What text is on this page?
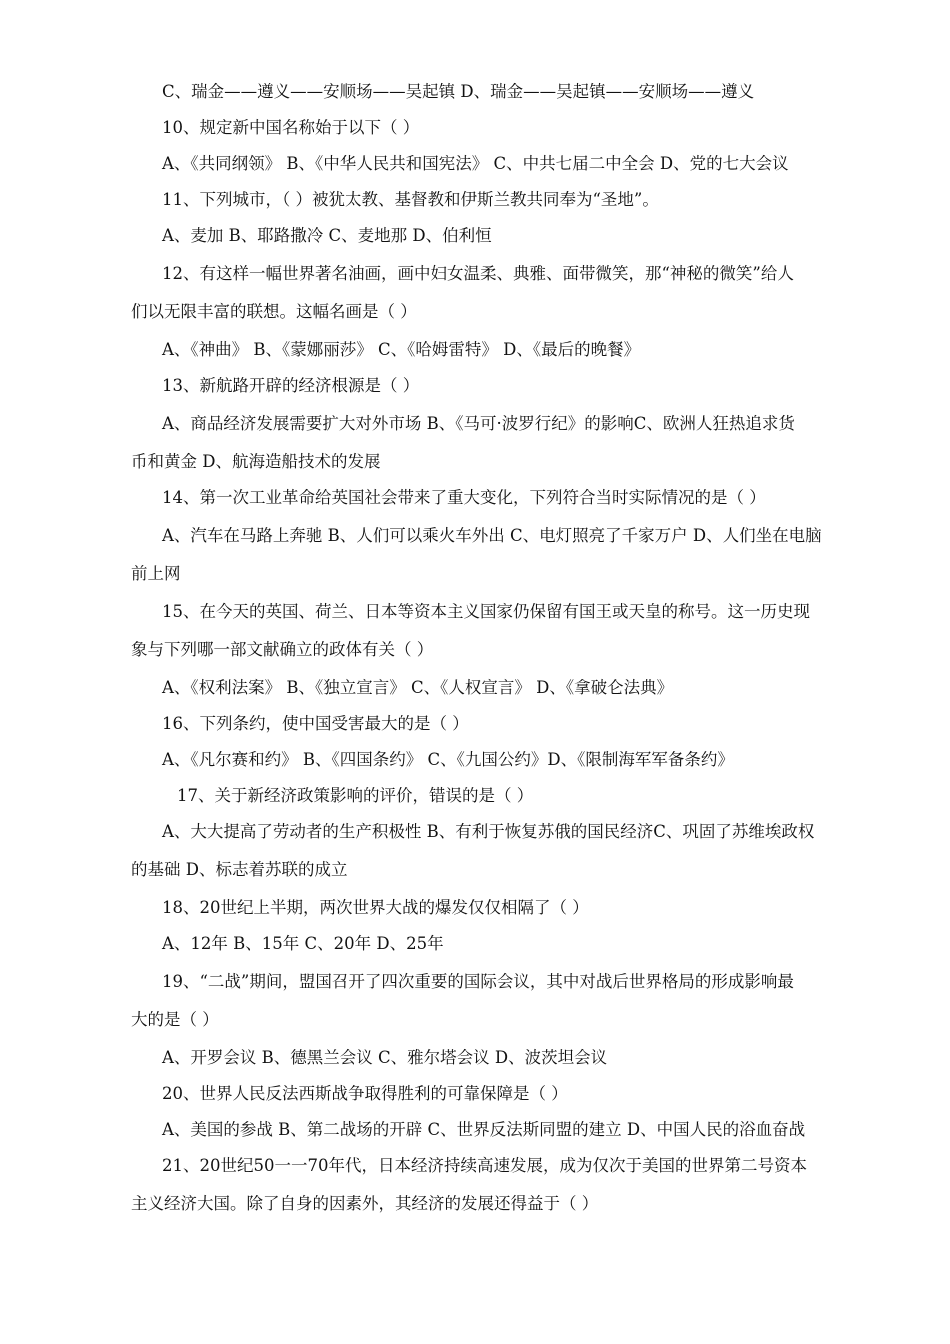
C、瑞金——遵义——安顺场——吴起镇 D、瑞金——吴起镇——安顺场——遵义
10、规定新中国名称始于以下（ ）
A、《共同纲领》 B、《中华人民共和国宪法》 C、中共七届二中全会 D、党的七大会议
11、下列城市，（ ）被犹太教、基督教和伊斯兰教共同奉为“圣地”。
A、麦加 B、耶路撒冷 C、麦地那 D、伯利恒
12、有这样一幅世界著名油画，画中妇女温柔、典雅、面带微笑，那“神秘的微笑”给人
们以无限丰富的联想。这幅名画是（ ）
A、《神曲》 B、《蒙娜丽莎》 C、《哈姆雷特》 D、《最后的晚餐》
13、新航路开辟的经济根源是（ ）
A、商品经济发展需要扩大对外市场 B、《马可·波罗行纪》的影响C、欧洲人狂热追求货
币和黄金 D、航海造船技术的发展
14、第一次工业革命给英国社会带来了重大变化，下列符合当时实际情况的是（ ）
A、汽车在马路上奔驰 B、人们可以乘火车外出 C、电灯照亮了千家万户 D、人们坐在电脑
前上网
15、在今天的英国、荷兰、日本等资本主义国家仍保留有国王或天皇的称号。这一历史现
象与下列哪一部文献确立的政体有关（ ）
A、《权利法案》 B、《独立宣言》 C、《人权宣言》 D、《拿破仑法典》
16、下列条约，使中国受害最大的是（ ）
A、《凡尔赛和约》 B、《四国条约》 C、《九国公约》D、《限制海军军备条约》
17、关于新经济政策影响的评价，错误的是（ ）
A、大大提高了劳动者的生产积极性 B、有利于恢复苏俄的国民经济C、巩固了苏维埃政权
的基础 D、标志着苏联的成立
18、20世纪上半期，两次世界大战的爆发仅仅相隔了（ ）
A、12年 B、15年 C、20年 D、25年
19、“二战”期间，盟国召开了四次重要的国际会议，其中对战后世界格局的形成影响最
大的是（ ）
A、开罗会议 B、德黑兰会议 C、雅尔塔会议 D、波茨坦会议
20、世界人民反法西斯战争取得胜利的可靠保障是（ ）
A、美国的参战 B、第二战场的开辟 C、世界反法斯同盟的建立 D、中国人民的浴血奋战
21、20世纪50一一70年代，日本经济持续高速发展，成为仅次于美国的世界第二号资本
主义经济大国。除了自身的因素外，其经济的发展还得益于（ ）
